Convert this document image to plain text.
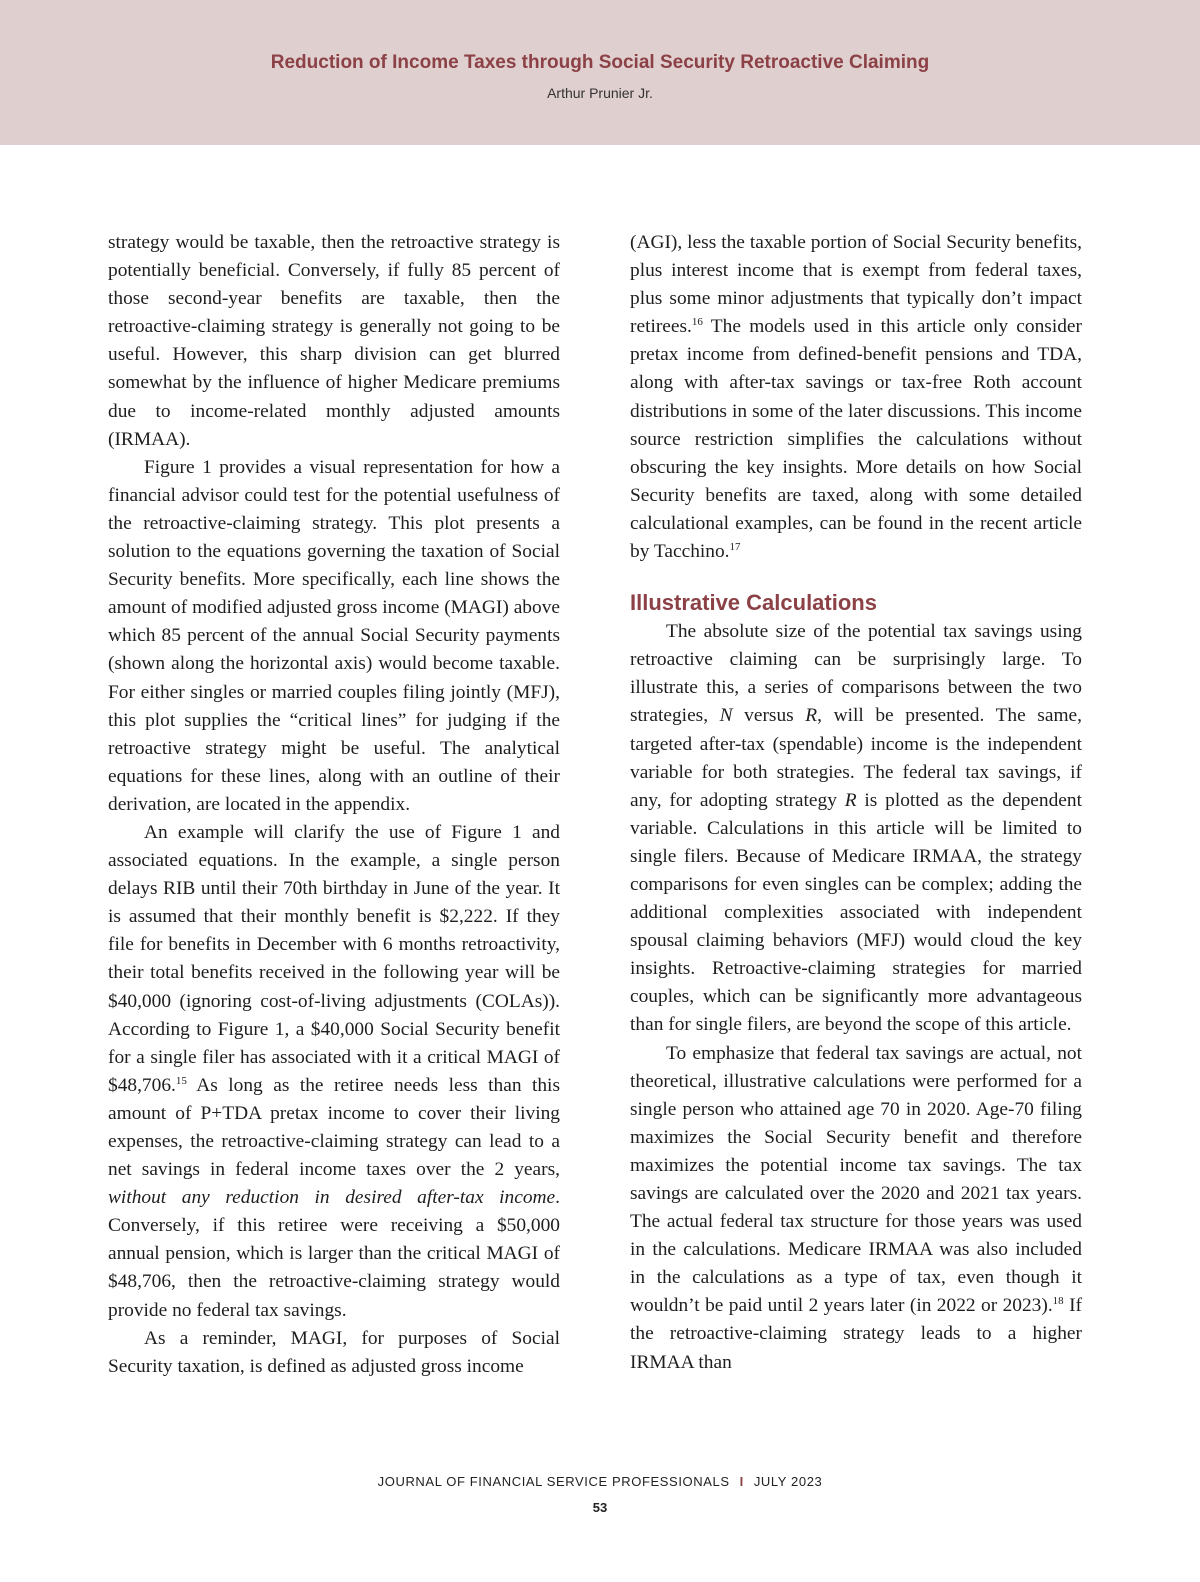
Reduction of Income Taxes through Social Security Retroactive Claiming
Arthur Prunier Jr.

strategy would be taxable, then the retroactive strategy is potentially beneficial. Conversely, if fully 85 percent of those second-year benefits are taxable, then the retroactive-claiming strategy is generally not going to be useful. However, this sharp division can get blurred somewhat by the influence of higher Medicare premiums due to income-related monthly adjusted amounts (IRMAA).

Figure 1 provides a visual representation for how a financial advisor could test for the potential usefulness of the retroactive-claiming strategy. This plot presents a solution to the equations governing the taxation of Social Security benefits. More specifically, each line shows the amount of modified adjusted gross income (MAGI) above which 85 percent of the annual Social Security payments (shown along the horizontal axis) would become taxable. For either singles or married couples filing jointly (MFJ), this plot supplies the “critical lines” for judging if the retroactive strategy might be useful. The analytical equations for these lines, along with an outline of their derivation, are located in the appendix.

An example will clarify the use of Figure 1 and associated equations. In the example, a single person delays RIB until their 70th birthday in June of the year. It is assumed that their monthly benefit is $2,222. If they file for benefits in December with 6 months retroactivity, their total benefits received in the following year will be $40,000 (ignoring cost-of-living adjustments (COLAs)). According to Figure 1, a $40,000 Social Security benefit for a single filer has associated with it a critical MAGI of $48,706.15 As long as the retiree needs less than this amount of P+TDA pretax income to cover their living expenses, the retroactive-claiming strategy can lead to a net savings in federal income taxes over the 2 years, without any reduction in desired after-tax income. Conversely, if this retiree were receiving a $50,000 annual pension, which is larger than the critical MAGI of $48,706, then the retroactive-claiming strategy would provide no federal tax savings.

As a reminder, MAGI, for purposes of Social Security taxation, is defined as adjusted gross income

(AGI), less the taxable portion of Social Security benefits, plus interest income that is exempt from federal taxes, plus some minor adjustments that typically don’t impact retirees.$^{16}$ The models used in this article only consider pretax income from defined-benefit pensions and TDA, along with after-tax savings or tax-free Roth account distributions in some of the later discussions. This income source restriction simplifies the calculations without obscuring the key insights. More details on how Social Security benefits are taxed, along with some detailed calculational examples, can be found in the recent article by Tacchino.$^{17}$

Illustrative Calculations

The absolute size of the potential tax savings using retroactive claiming can be surprisingly large. To illustrate this, a series of comparisons between the two strategies, N versus R, will be presented. The same, targeted after-tax (spendable) income is the independent variable for both strategies. The federal tax savings, if any, for adopting strategy R is plotted as the dependent variable. Calculations in this article will be limited to single filers. Because of Medicare IRMAA, the strategy comparisons for even singles can be complex; adding the additional complexities associated with independent spousal claiming behaviors (MFJ) would cloud the key insights. Retroactive-claiming strategies for married couples, which can be significantly more advantageous than for single filers, are beyond the scope of this article.

To emphasize that federal tax savings are actual, not theoretical, illustrative calculations were performed for a single person who attained age 70 in 2020. Age-70 filing maximizes the Social Security benefit and therefore maximizes the potential income tax savings. The tax savings are calculated over the 2020 and 2021 tax years. The actual federal tax structure for those years was used in the calculations. Medicare IRMAA was also included in the calculations as a type of tax, even though it wouldn’t be paid until 2 years later (in 2022 or 2023).$^{18}$ If the retroactive-claiming strategy leads to a higher IRMAA than

JOURNAL OF FINANCIAL SERVICE PROFESSIONALS I JULY 2023
53
